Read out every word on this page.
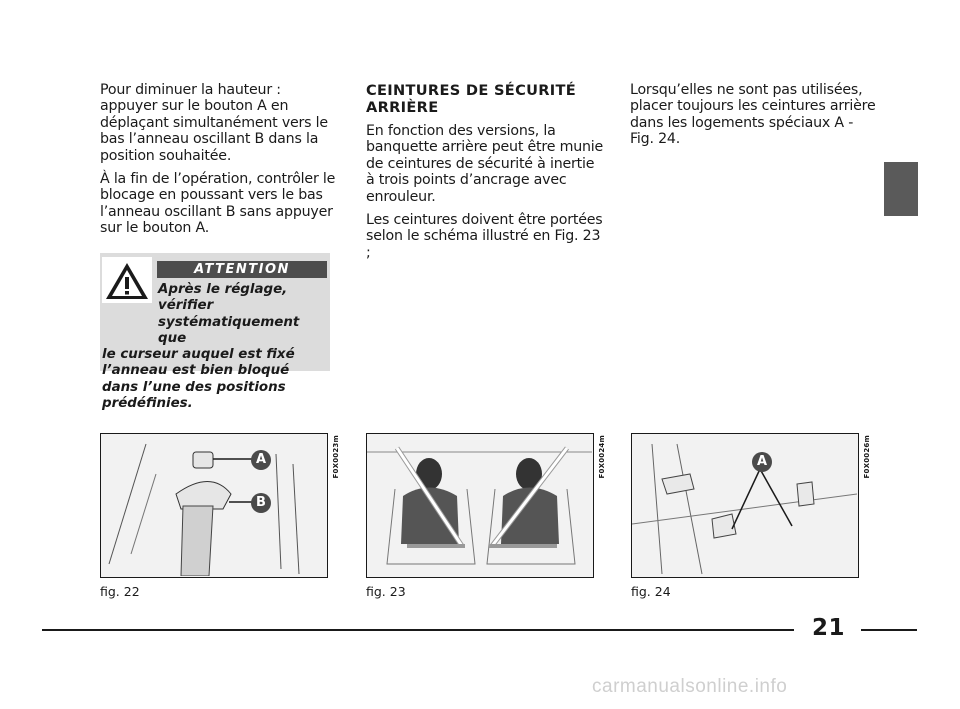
Pour diminuer la hauteur : appuyer sur le bouton A en déplaçant simultanément vers le bas l’anneau oscillant B dans la position souhaitée.

À la fin de l’opération, contrôler le blocage en poussant vers le bas l’anneau oscillant B sans appuyer sur le bouton A.

ATTENTION
Après le réglage, vérifier systématiquement que
le curseur auquel est fixé l’anneau est bien bloqué dans l’une des positions prédéfinies.
CEINTURES DE SÉCURITÉ ARRIÈRE

En fonction des versions, la banquette arrière peut être munie de ceintures de sécurité à inertie à trois points d’ancrage avec enrouleur.

Les ceintures doivent être portées selon le schéma illustré en Fig. 23 ;

Lorsqu’elles ne sont pas utilisées, placer toujours les ceintures arrière dans les logements spéciaux A - Fig. 24.

A
B
F0X0023m
fig. 22
F0X0024m
fig. 23
A	F0X0026m
fig. 24
21
carmanualsonline.info
